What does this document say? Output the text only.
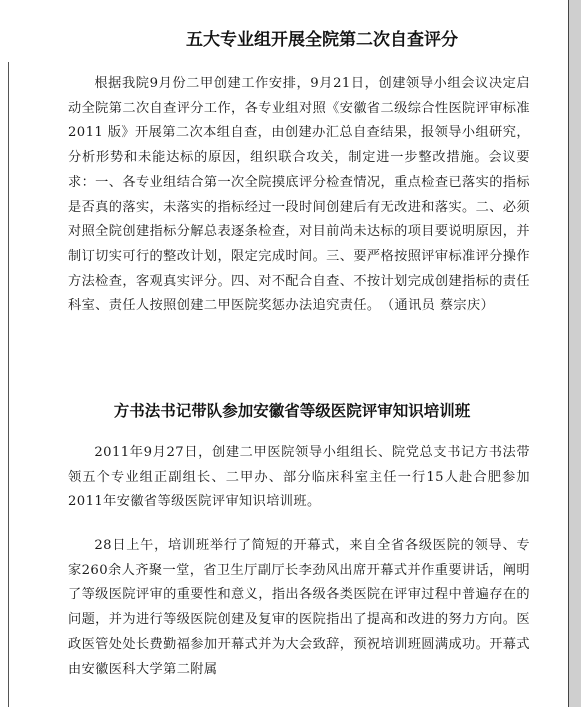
五大专业组开展全院第二次自查评分

根据我院9月份二甲创建工作安排，9月21日，创建领导小组会议决定启动全院第二次自查评分工作，各专业组对照《安徽省二级综合性医院评审标准 2011 版》开展第二次本组自查，由创建办汇总自查结果，报领导小组研究，分析形势和未能达标的原因，组织联合攻关，制定进一步整改措施。会议要求：一、各专业组结合第一次全院摸底评分检查情况，重点检查已落实的指标是否真的落实，未落实的指标经过一段时间创建后有无改进和落实。二、必须对照全院创建指标分解总表逐条检查，对目前尚未达标的项目要说明原因，并制订切实可行的整改计划，限定完成时间。三、要严格按照评审标准评分操作方法检查，客观真实评分。四、对不配合自查、不按计划完成创建指标的责任科室、责任人按照创建二甲医院奖惩办法追究责任。　（通讯员 蔡宗庆）

方书法书记带队参加安徽省等级医院评审知识培训班

2011年9月27日，创建二甲医院领导小组组长、院党总支书记方书法带领五个专业组正副组长、二甲办、部分临床科室主任一行15人赴合肥参加2011年安徽省等级医院评审知识培训班。

28日上午，培训班举行了简短的开幕式，来自全省各级医院的领导、专家260余人齐聚一堂，省卫生厅副厅长李劲风出席开幕式并作重要讲话，阐明了等级医院评审的重要性和意义，指出各级各类医院在评审过程中普遍存在的问题，并为进行等级医院创建及复审的医院指出了提高和改进的努力方向。医政医管处处长费勤福参加开幕式并为大会致辞，预祝培训班圆满成功。开幕式由安徽医科大学第二附属
